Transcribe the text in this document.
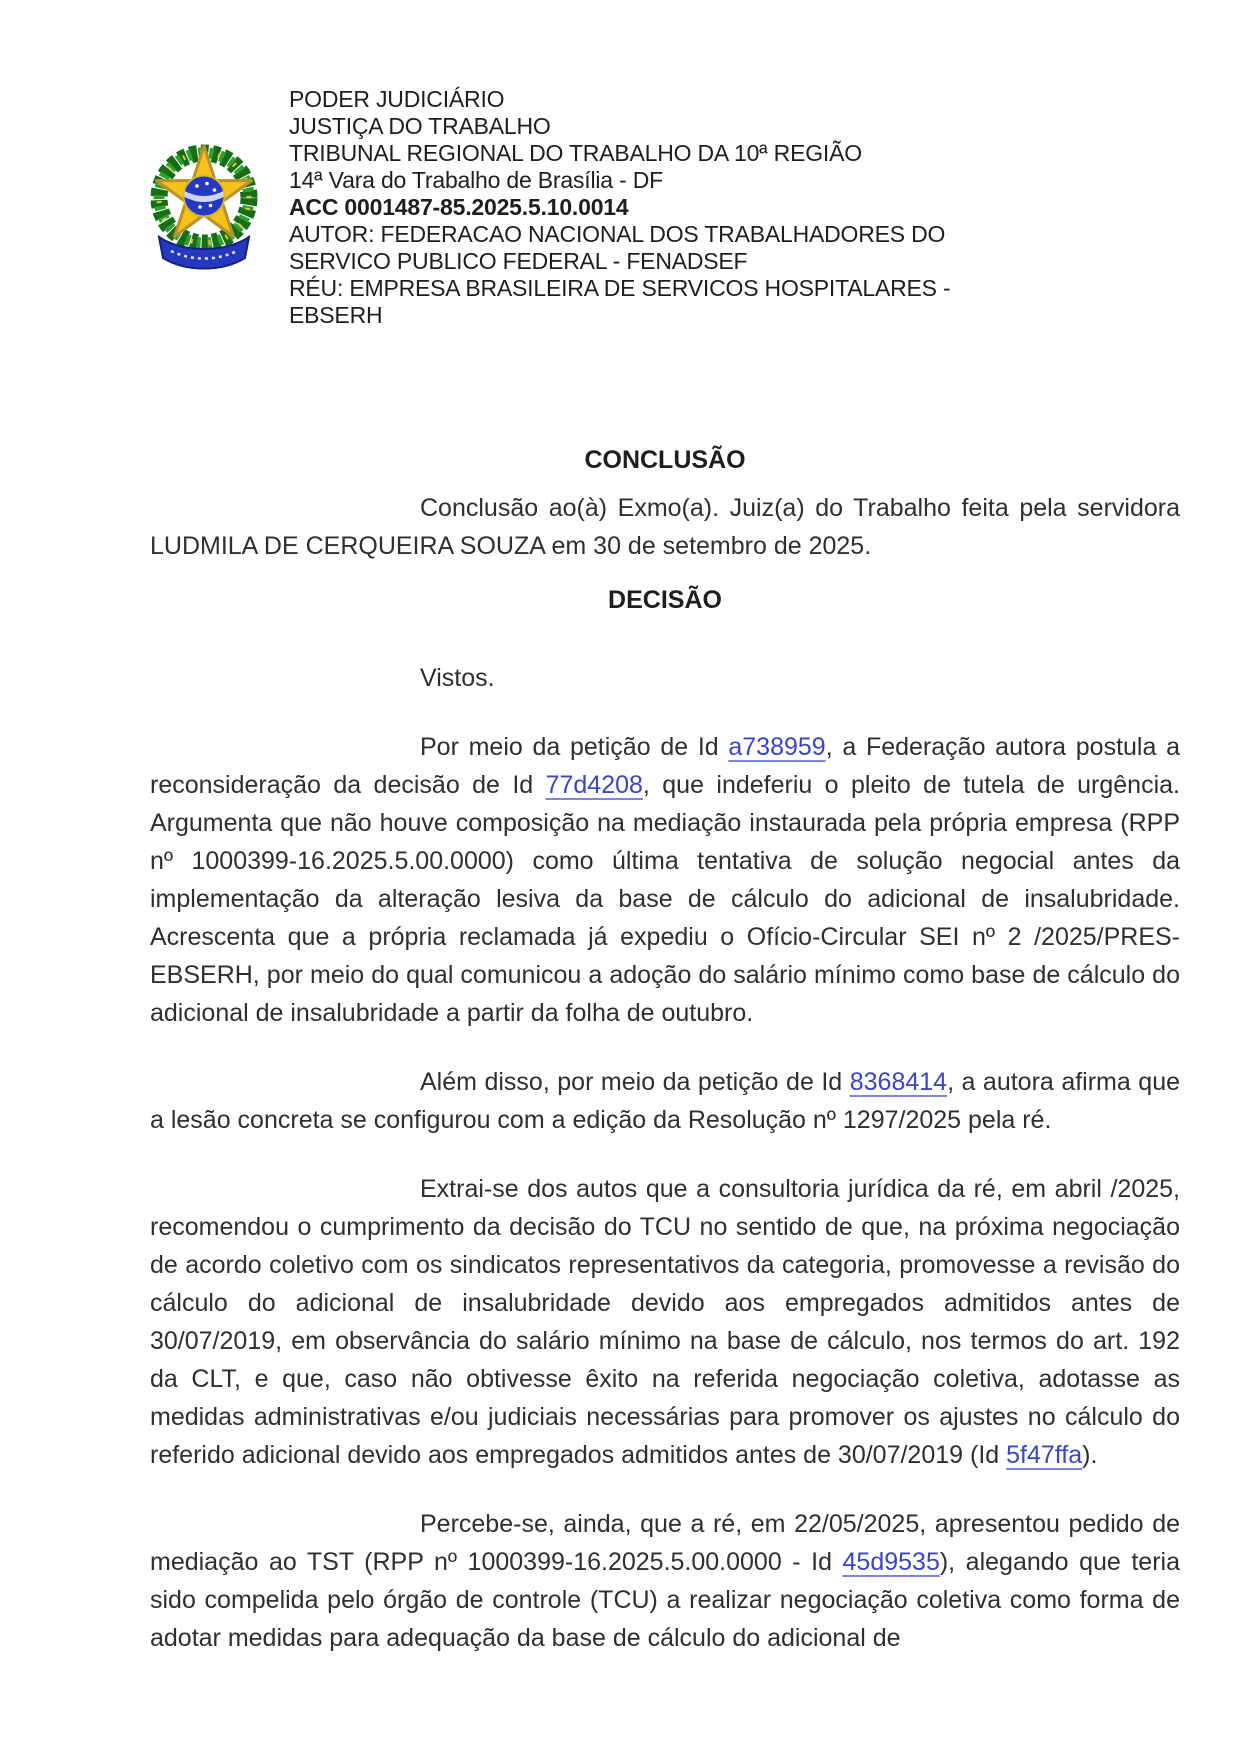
PODER JUDICIÁRIO
JUSTIÇA DO TRABALHO
TRIBUNAL REGIONAL DO TRABALHO DA 10ª REGIÃO
14ª Vara do Trabalho de Brasília - DF
ACC 0001487-85.2025.5.10.0014
AUTOR: FEDERACAO NACIONAL DOS TRABALHADORES DO SERVICO PUBLICO FEDERAL - FENADSEF
RÉU: EMPRESA BRASILEIRA DE SERVICOS HOSPITALARES - EBSERH
CONCLUSÃO

Conclusão ao(à) Exmo(a). Juiz(a) do Trabalho feita pela servidora LUDMILA DE CERQUEIRA SOUZA em 30 de setembro de 2025.

DECISÃO

Vistos.

Por meio da petição de Id a738959, a Federação autora postula a reconsideração da decisão de Id 77d4208, que indeferiu o pleito de tutela de urgência. Argumenta que não houve composição na mediação instaurada pela própria empresa (RPP nº 1000399-16.2025.5.00.0000) como última tentativa de solução negocial antes da implementação da alteração lesiva da base de cálculo do adicional de insalubridade. Acrescenta que a própria reclamada já expediu o Ofício-Circular SEI nº 2 /2025/PRES-EBSERH, por meio do qual comunicou a adoção do salário mínimo como base de cálculo do adicional de insalubridade a partir da folha de outubro.

Além disso, por meio da petição de Id 8368414, a autora afirma que a lesão concreta se configurou com a edição da Resolução nº 1297/2025 pela ré.

Extrai-se dos autos que a consultoria jurídica da ré, em abril /2025, recomendou o cumprimento da decisão do TCU no sentido de que, na próxima negociação de acordo coletivo com os sindicatos representativos da categoria, promovesse a revisão do cálculo do adicional de insalubridade devido aos empregados admitidos antes de 30/07/2019, em observância do salário mínimo na base de cálculo, nos termos do art. 192 da CLT, e que, caso não obtivesse êxito na referida negociação coletiva, adotasse as medidas administrativas e/ou judiciais necessárias para promover os ajustes no cálculo do referido adicional devido aos empregados admitidos antes de 30/07/2019 (Id 5f47ffa).

Percebe-se, ainda, que a ré, em 22/05/2025, apresentou pedido de mediação ao TST (RPP nº 1000399-16.2025.5.00.0000 - Id 45d9535), alegando que teria sido compelida pelo órgão de controle (TCU) a realizar negociação coletiva como forma de adotar medidas para adequação da base de cálculo do adicional de
